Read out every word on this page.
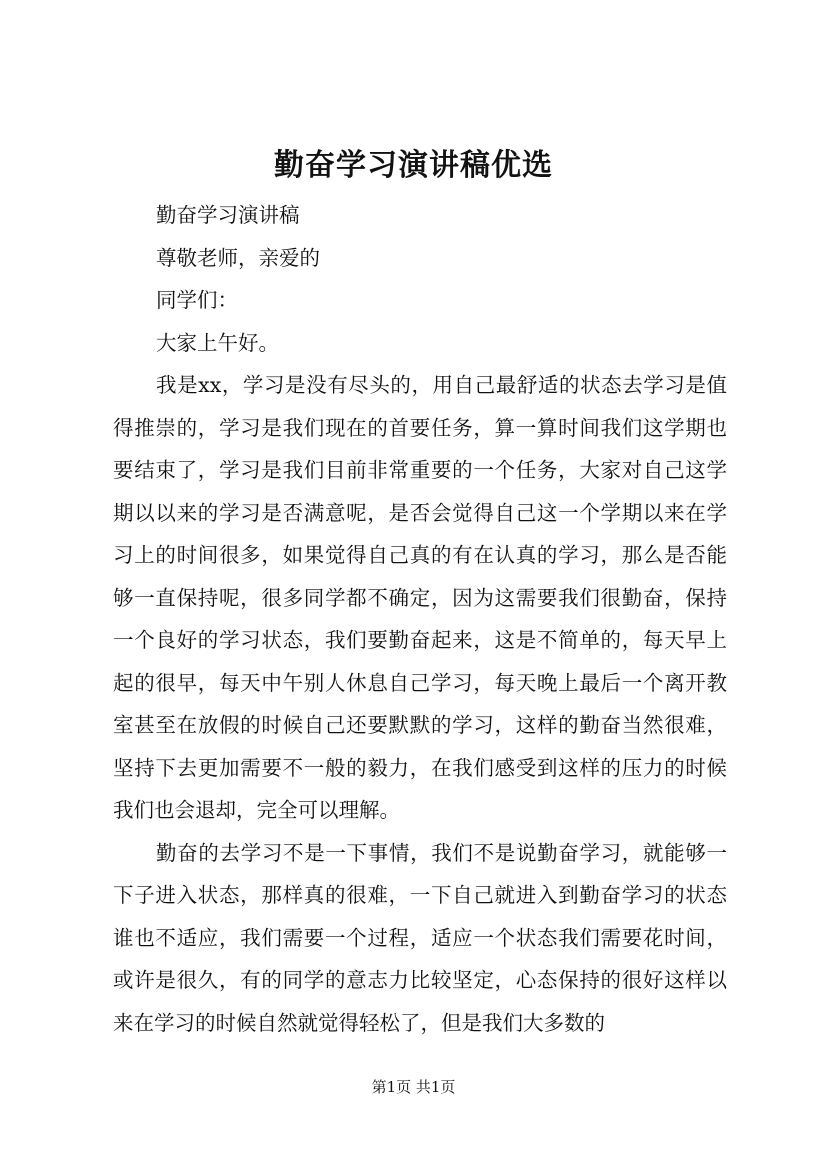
勤奋学习演讲稿优选
勤奋学习演讲稿
尊敬老师，亲爱的
同学们：
大家上午好。

我是xx，学习是没有尽头的，用自己最舒适的状态去学习是值得推崇的，学习是我们现在的首要任务，算一算时间我们这学期也要结束了，学习是我们目前非常重要的一个任务，大家对自己这学期以以来的学习是否满意呢，是否会觉得自己这一个学期以来在学习上的时间很多，如果觉得自己真的有在认真的学习，那么是否能够一直保持呢，很多同学都不确定，因为这需要我们很勤奋，保持一个良好的学习状态，我们要勤奋起来，这是不简单的，每天早上起的很早，每天中午别人休息自己学习，每天晚上最后一个离开教室甚至在放假的时候自己还要默默的学习，这样的勤奋当然很难，坚持下去更加需要不一般的毅力，在我们感受到这样的压力的时候我们也会退却，完全可以理解。

勤奋的去学习不是一下事情，我们不是说勤奋学习，就能够一下子进入状态，那样真的很难，一下自己就进入到勤奋学习的状态谁也不适应，我们需要一个过程，适应一个状态我们需要花时间，或许是很久，有的同学的意志力比较坚定，心态保持的很好这样以来在学习的时候自然就觉得轻松了，但是我们大多数的

第1页 共1页
